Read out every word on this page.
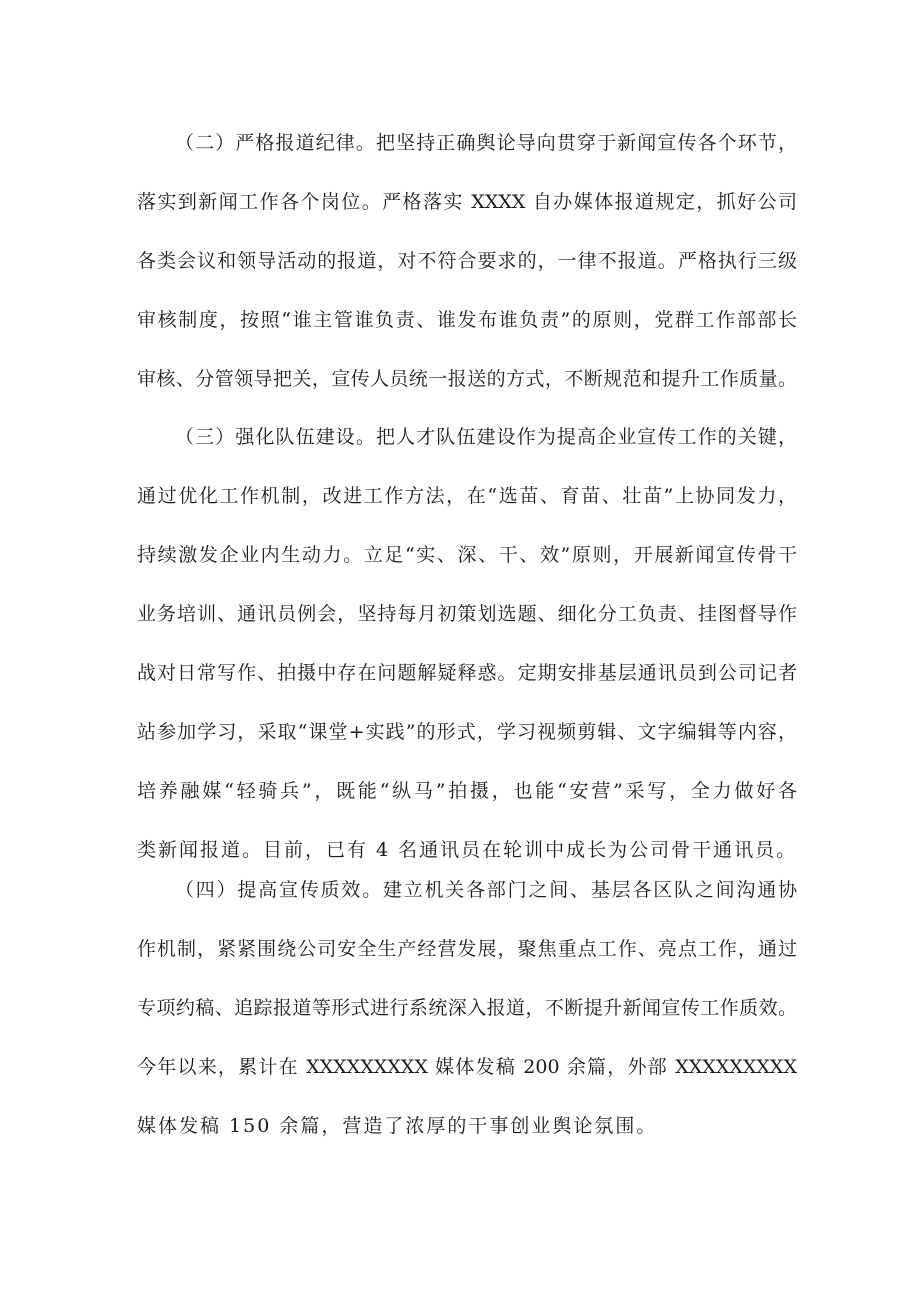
（二）严格报道纪律。把坚持正确舆论导向贯穿于新闻宣传各个环节，
落实到新闻工作各个岗位。严格落实 XXXX 自办媒体报道规定，抓好公司
各类会议和领导活动的报道，对不符合要求的，一律不报道。严格执行三级
审核制度，按照“谁主管谁负责、谁发布谁负责”的原则，党群工作部部长
审核、分管领导把关，宣传人员统一报送的方式，不断规范和提升工作质量。
（三）强化队伍建设。把人才队伍建设作为提高企业宣传工作的关键，
通过优化工作机制，改进工作方法，在“选苗、育苗、壮苗”上协同发力，
持续激发企业内生动力。立足“实、深、干、效”原则，开展新闻宣传骨干
业务培训、通讯员例会，坚持每月初策划选题、细化分工负责、挂图督导作
战对日常写作、拍摄中存在问题解疑释惑。定期安排基层通讯员到公司记者
站参加学习，采取“课堂+实践”的形式，学习视频剪辑、文字编辑等内容，
培养融媒“轻骑兵”，既能“纵马”拍摄，也能“安营”采写，全力做好各
类新闻报道。目前，已有 4 名通讯员在轮训中成长为公司骨干通讯员。
（四）提高宣传质效。建立机关各部门之间、基层各区队之间沟通协
作机制，紧紧围绕公司安全生产经营发展，聚焦重点工作、亮点工作，通过
专项约稿、追踪报道等形式进行系统深入报道，不断提升新闻宣传工作质效。
今年以来，累计在 XXXXXXXXX 媒体发稿 200 余篇，外部 XXXXXXXXX
媒体发稿 150 余篇，营造了浓厚的干事创业舆论氛围。
